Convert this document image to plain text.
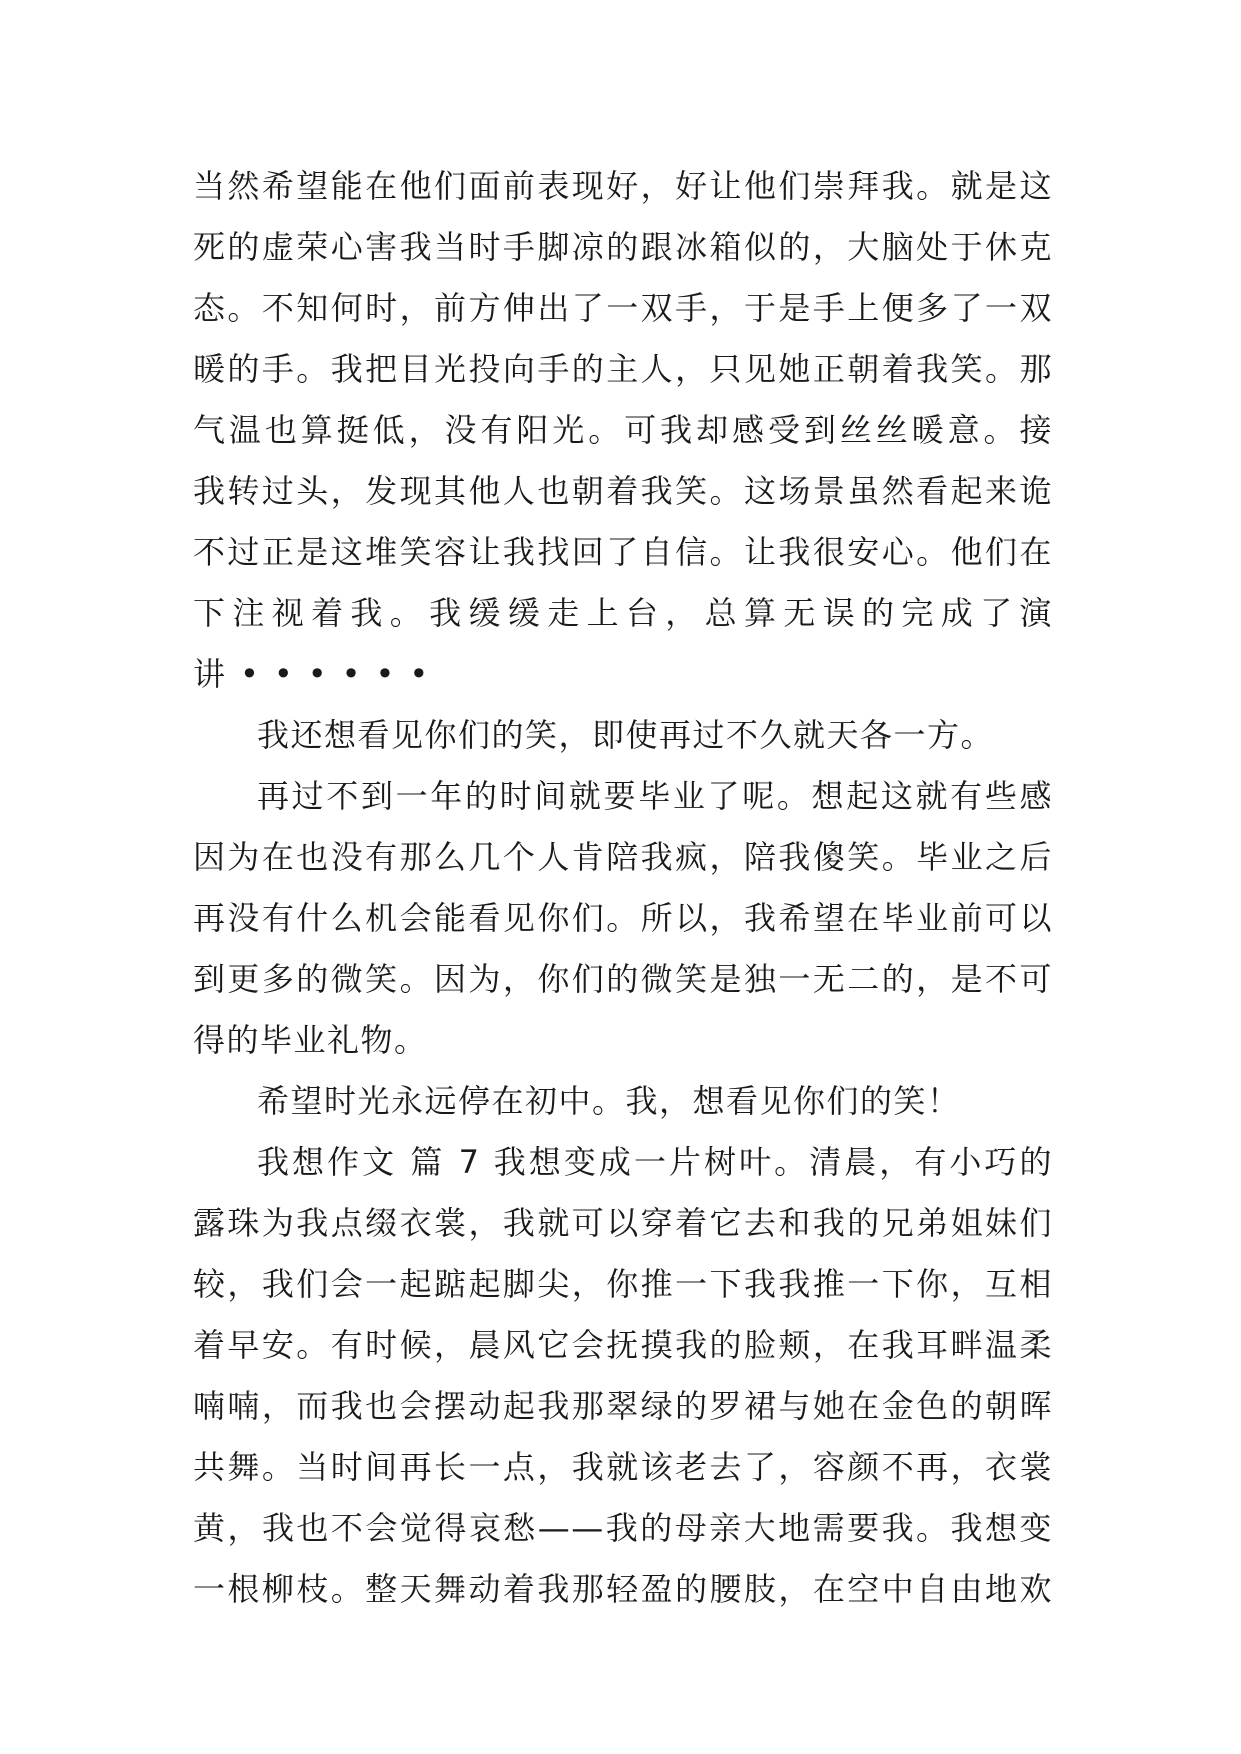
当然希望能在他们面前表现好，好让他们崇拜我。就是这
死的虚荣心害我当时手脚凉的跟冰箱似的，大脑处于休克
态。不知何时，前方伸出了一双手，于是手上便多了一双
暖的手。我把目光投向手的主人，只见她正朝着我笑。那
气温也算挺低，没有阳光。可我却感受到丝丝暖意。接
我转过头，发现其他人也朝着我笑。这场景虽然看起来诡
不过正是这堆笑容让我找回了自信。让我很安心。他们在
下注视着我。我缓缓走上台，总算无误的完成了演
讲••••••
我还想看见你们的笑，即使再过不久就天各一方。
再过不到一年的时间就要毕业了呢。想起这就有些感
因为在也没有那么几个人肯陪我疯，陪我傻笑。毕业之后
再没有什么机会能看见你们。所以，我希望在毕业前可以
到更多的微笑。因为，你们的微笑是独一无二的，是不可
得的毕业礼物。
希望时光永远停在初中。我，想看见你们的笑！
我想作文 篇 7 我想变成一片树叶。清晨，有小巧的
露珠为我点缀衣裳，我就可以穿着它去和我的兄弟姐妹们
较，我们会一起踮起脚尖，你推一下我我推一下你，互相
着早安。有时候，晨风它会抚摸我的脸颊，在我耳畔温柔
喃喃，而我也会摆动起我那翠绿的罗裙与她在金色的朝晖
共舞。当时间再长一点，我就该老去了，容颜不再，衣裳
黄，我也不会觉得哀愁——我的母亲大地需要我。我想变
一根柳枝。整天舞动着我那轻盈的腰肢，在空中自由地欢
